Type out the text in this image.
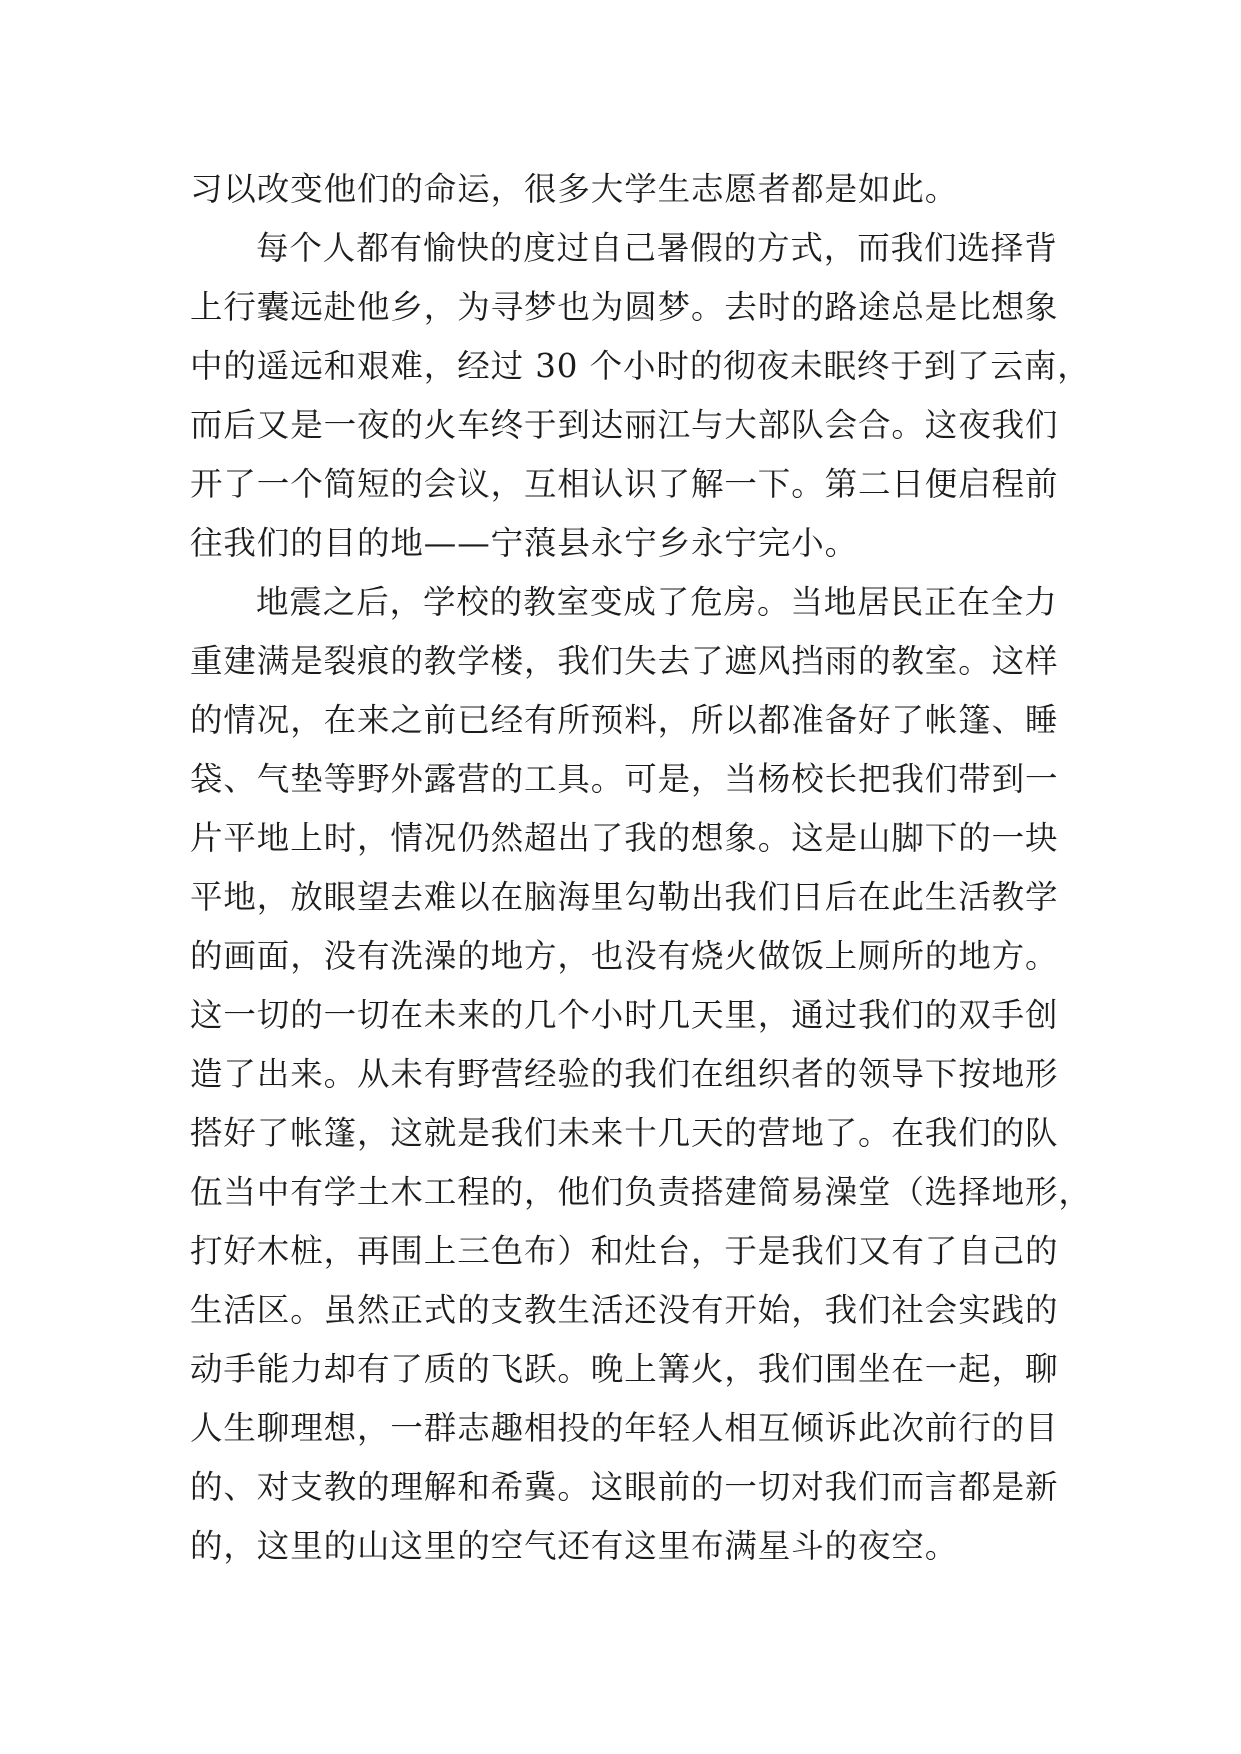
习以改变他们的命运，很多大学生志愿者都是如此。
每个人都有愉快的度过自己暑假的方式，而我们选择背
上行囊远赴他乡，为寻梦也为圆梦。去时的路途总是比想象
中的遥远和艰难，经过 30 个小时的彻夜未眠终于到了云南，
而后又是一夜的火车终于到达丽江与大部队会合。这夜我们
开了一个简短的会议，互相认识了解一下。第二日便启程前
往我们的目的地——宁蒗县永宁乡永宁完小。
地震之后，学校的教室变成了危房。当地居民正在全力
重建满是裂痕的教学楼，我们失去了遮风挡雨的教室。这样
的情况，在来之前已经有所预料，所以都准备好了帐篷、睡
袋、气垫等野外露营的工具。可是，当杨校长把我们带到一
片平地上时，情况仍然超出了我的想象。这是山脚下的一块
平地，放眼望去难以在脑海里勾勒出我们日后在此生活教学
的画面，没有洗澡的地方，也没有烧火做饭上厕所的地方。
这一切的一切在未来的几个小时几天里，通过我们的双手创
造了出来。从未有野营经验的我们在组织者的领导下按地形
搭好了帐篷，这就是我们未来十几天的营地了。在我们的队
伍当中有学土木工程的，他们负责搭建简易澡堂（选择地形，
打好木桩，再围上三色布）和灶台，于是我们又有了自己的
生活区。虽然正式的支教生活还没有开始，我们社会实践的
动手能力却有了质的飞跃。晚上篝火，我们围坐在一起，聊
人生聊理想，一群志趣相投的年轻人相互倾诉此次前行的目
的、对支教的理解和希冀。这眼前的一切对我们而言都是新
的，这里的山这里的空气还有这里布满星斗的夜空。
